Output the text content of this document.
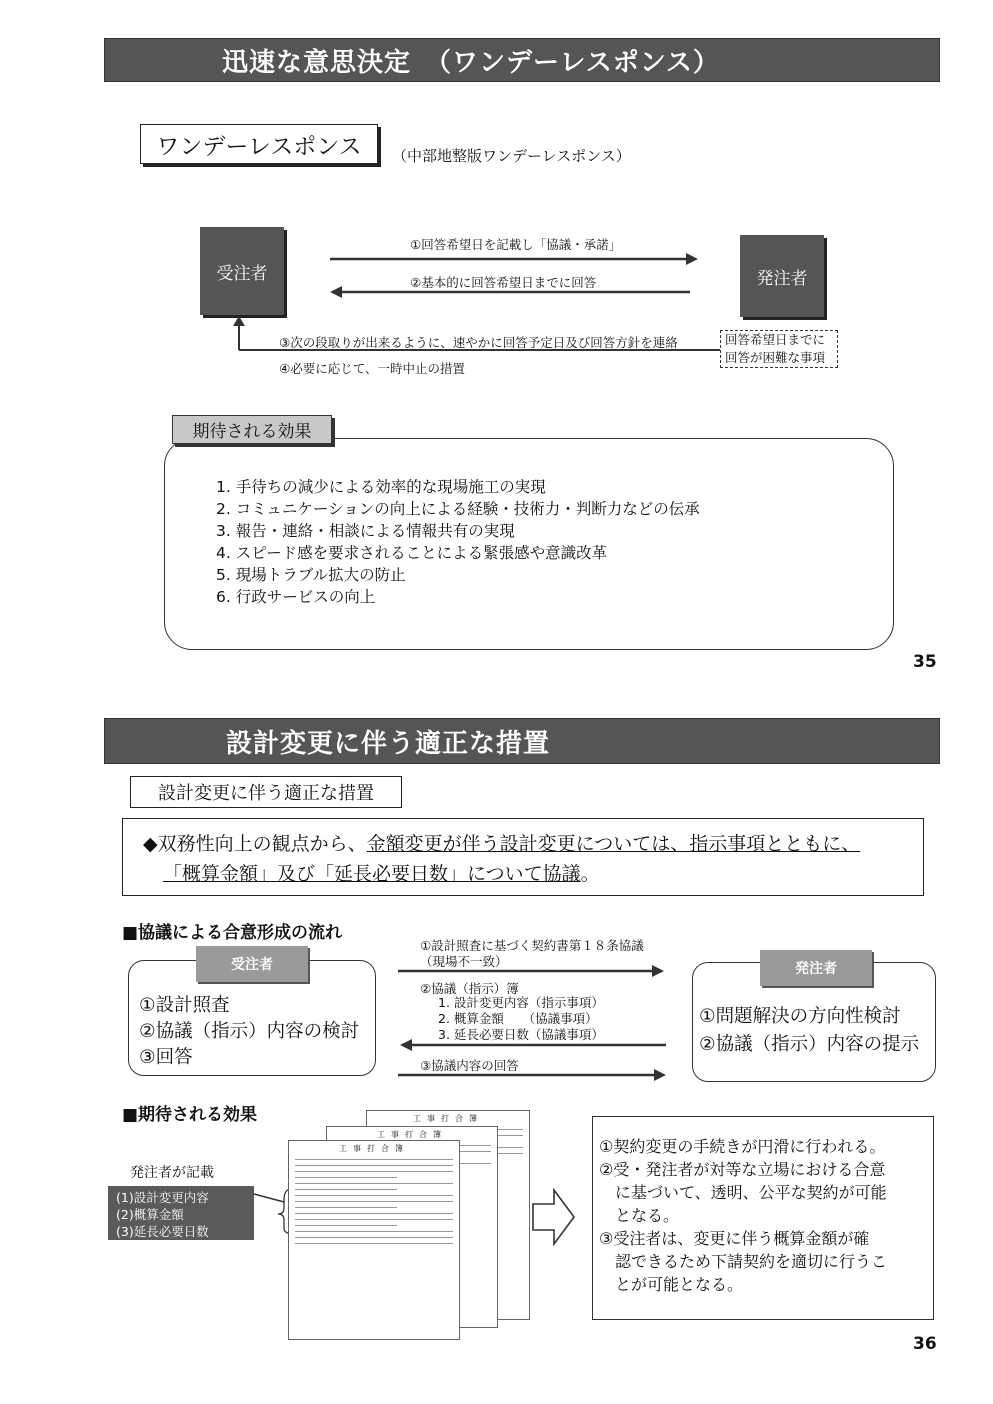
迅速な意思決定　（ワンデーレスポンス）
ワンデーレスポンス （中部地整版ワンデーレスポンス）
受注者	発注者
①回答希望日を記載し「協議・承諾」
②基本的に回答希望日までに回答
③次の段取りが出来るように、速やかに回答予定日及び回答方針を連絡
④必要に応じて、一時中止の措置
回答希望日までに
回答が困難な事項
期待される効果
1. 手待ちの減少による効率的な現場施工の実現
2. コミュニケーションの向上による経験・技術力・判断力などの伝承
3. 報告・連絡・相談による情報共有の実現
4. スピード感を要求されることによる緊張感や意識改革
5. 現場トラブル拡大の防止
6. 行政サービスの向上
35
設計変更に伴う適正な措置
設計変更に伴う適正な措置
◆双務性向上の観点から、金額変更が伴う設計変更については、指示事項とともに、
「概算金額」及び「延長必要日数」について協議。
■協議による合意形成の流れ
①設計照査
②協議（指示）内容の検討
③回答
受注者
①問題解決の方向性検討
②協議（指示）内容の提示
発注者
①設計照査に基づく契約書第１８条協議
（現場不一致）
②協議（指示）簿
1. 設計変更内容（指示事項）
2. 概算金額　　（協議事項）
3. 延長必要日数（協議事項）
③協議内容の回答
■期待される効果
発注者が記載
(1)設計変更内容
(2)概算金額
(3)延長必要日数
工事打合簿
工事打合簿
工事打合簿	①契約変更の手続きが円滑に行われる。
②受・発注者が対等な立場における合意
　に基づいて、透明、公平な契約が可能
　となる。
③受注者は、変更に伴う概算金額が確
　認できるため下請契約を適切に行うこ
　とが可能となる。
36
